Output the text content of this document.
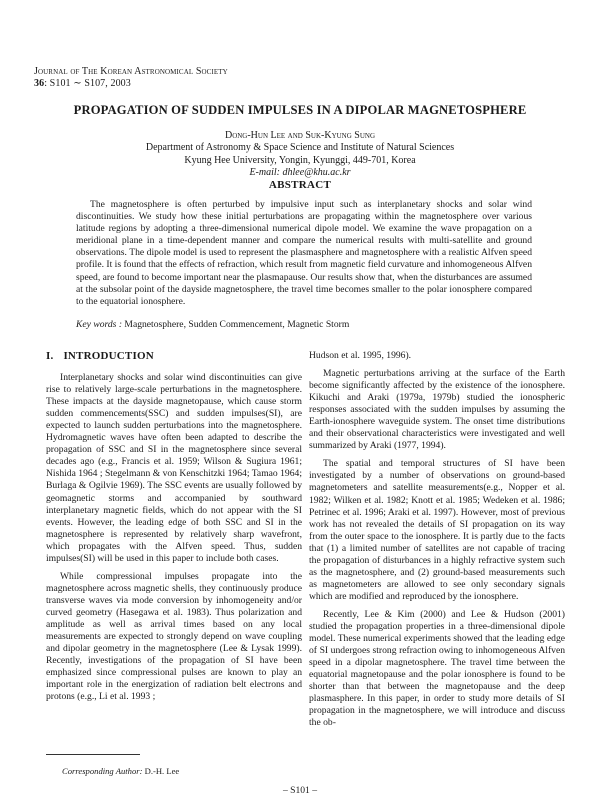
Journal of The Korean Astronomical Society
36: S101 ∼ S107, 2003
PROPAGATION OF SUDDEN IMPULSES IN A DIPOLAR MAGNETOSPHERE
Dong-Hun Lee and Suk-Kyung Sung
Department of Astronomy & Space Science and Institute of Natural Sciences
Kyung Hee University, Yongin, Kyunggi, 449-701, Korea
E-mail: dhlee@khu.ac.kr
ABSTRACT

The magnetosphere is often perturbed by impulsive input such as interplanetary shocks and solar wind discontinuities. We study how these initial perturbations are propagating within the magnetosphere over various latitude regions by adopting a three-dimensional numerical dipole model. We examine the wave propagation on a meridional plane in a time-dependent manner and compare the numerical results with multi-satellite and ground observations. The dipole model is used to represent the plasmasphere and magnetosphere with a realistic Alfven speed profile. It is found that the effects of refraction, which result from magnetic field curvature and inhomogeneous Alfven speed, are found to become important near the plasmapause. Our results show that, when the disturbances are assumed at the subsolar point of the dayside magnetosphere, the travel time becomes smaller to the polar ionosphere compared to the equatorial ionosphere.

Key words : Magnetosphere, Sudden Commencement, Magnetic Storm
I. INTRODUCTION

Interplanetary shocks and solar wind discontinuities can give rise to relatively large-scale perturbations in the magnetosphere. These impacts at the dayside magnetopause, which cause storm sudden commencements(SSC) and sudden impulses(SI), are expected to launch sudden perturbations into the magnetosphere. Hydromagnetic waves have often been adapted to describe the propagation of SSC and SI in the magnetosphere since several decades ago (e.g., Francis et al. 1959; Wilson & Sugiura 1961; Nishida 1964 ; Stegelmann & von Kenschitzki 1964; Tamao 1964; Burlaga & Ogilvie 1969). The SSC events are usually followed by geomagnetic storms and accompanied by southward interplanetary magnetic fields, which do not appear with the SI events. However, the leading edge of both SSC and SI in the magnetosphere is represented by relatively sharp wavefront, which propagates with the Alfven speed. Thus, sudden impulses(SI) will be used in this paper to include both cases.

While compressional impulses propagate into the magnetosphere across magnetic shells, they continuously produce transverse waves via mode conversion by inhomogeneity and/or curved geometry (Hasegawa et al. 1983). Thus polarization and amplitude as well as arrival times based on any local measurements are expected to strongly depend on wave coupling and dipolar geometry in the magnetosphere (Lee & Lysak 1999). Recently, investigations of the propagation of SI have been emphasized since compressional pulses are known to play an important role in the energization of radiation belt electrons and protons (e.g., Li et al. 1993 ;

Hudson et al. 1995, 1996).

Magnetic perturbations arriving at the surface of the Earth become significantly affected by the existence of the ionosphere. Kikuchi and Araki (1979a, 1979b) studied the ionospheric responses associated with the sudden impulses by assuming the Earth-ionosphere waveguide system. The onset time distributions and their observational characteristics were investigated and well summarized by Araki (1977, 1994).

The spatial and temporal structures of SI have been investigated by a number of observations on ground-based magnetometers and satellite measurements(e.g., Nopper et al. 1982; Wilken et al. 1982; Knott et al. 1985; Wedeken et al. 1986; Petrinec et al. 1996; Araki et al. 1997). However, most of previous work has not revealed the details of SI propagation on its way from the outer space to the ionosphere. It is partly due to the facts that (1) a limited number of satellites are not capable of tracing the propagation of disturbances in a highly refractive system such as the magnetosphere, and (2) ground-based measurements such as magnetometers are allowed to see only secondary signals which are modified and reproduced by the ionosphere.

Recently, Lee & Kim (2000) and Lee & Hudson (2001) studied the propagation properties in a three-dimensional dipole model. These numerical experiments showed that the leading edge of SI undergoes strong refraction owing to inhomogeneous Alfven speed in a dipolar magnetosphere. The travel time between the equatorial magnetopause and the polar ionosphere is found to be shorter than that between the magnetopause and the deep plasmasphere. In this paper, in order to study more details of SI propagation in the magnetosphere, we will introduce and discuss the ob-

Corresponding Author: D.-H. Lee
– S101 –
